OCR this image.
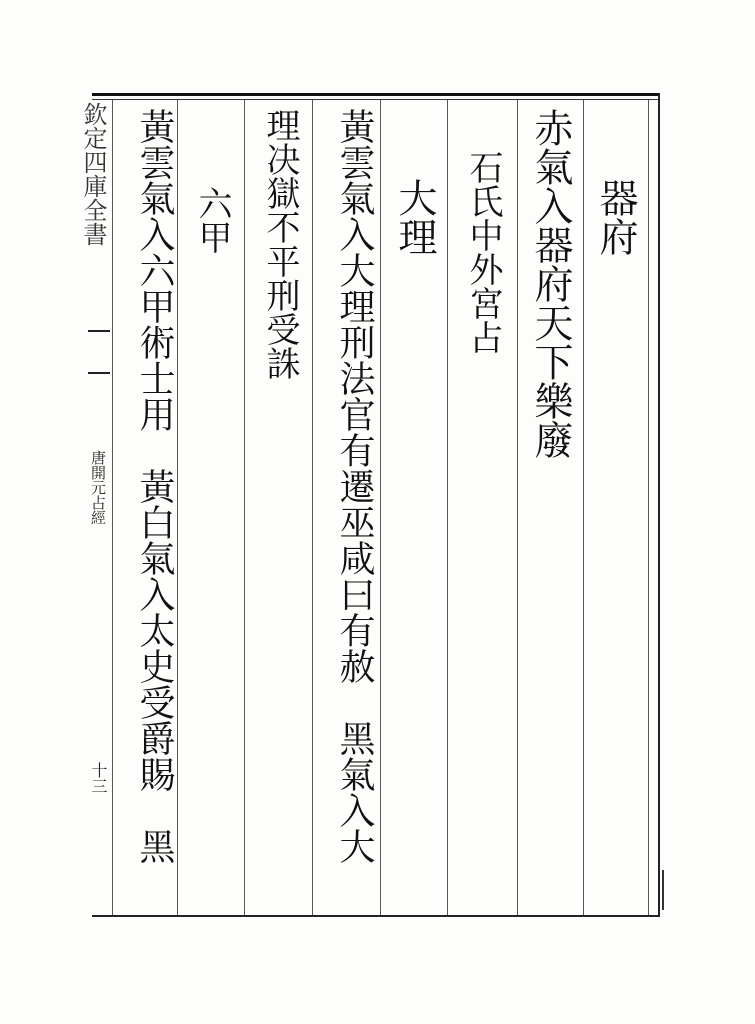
器府
赤氣入器府天下樂廢
石氏中外宮占
大理
黃雲氣入大理刑法官有遷巫咸曰有赦　黑氣入大
理决獄不平刑受誅
六甲
黃雲氣入六甲術士用　黃白氣入太史受爵賜　黑
欽定四庫全書
唐開元占經
十三
